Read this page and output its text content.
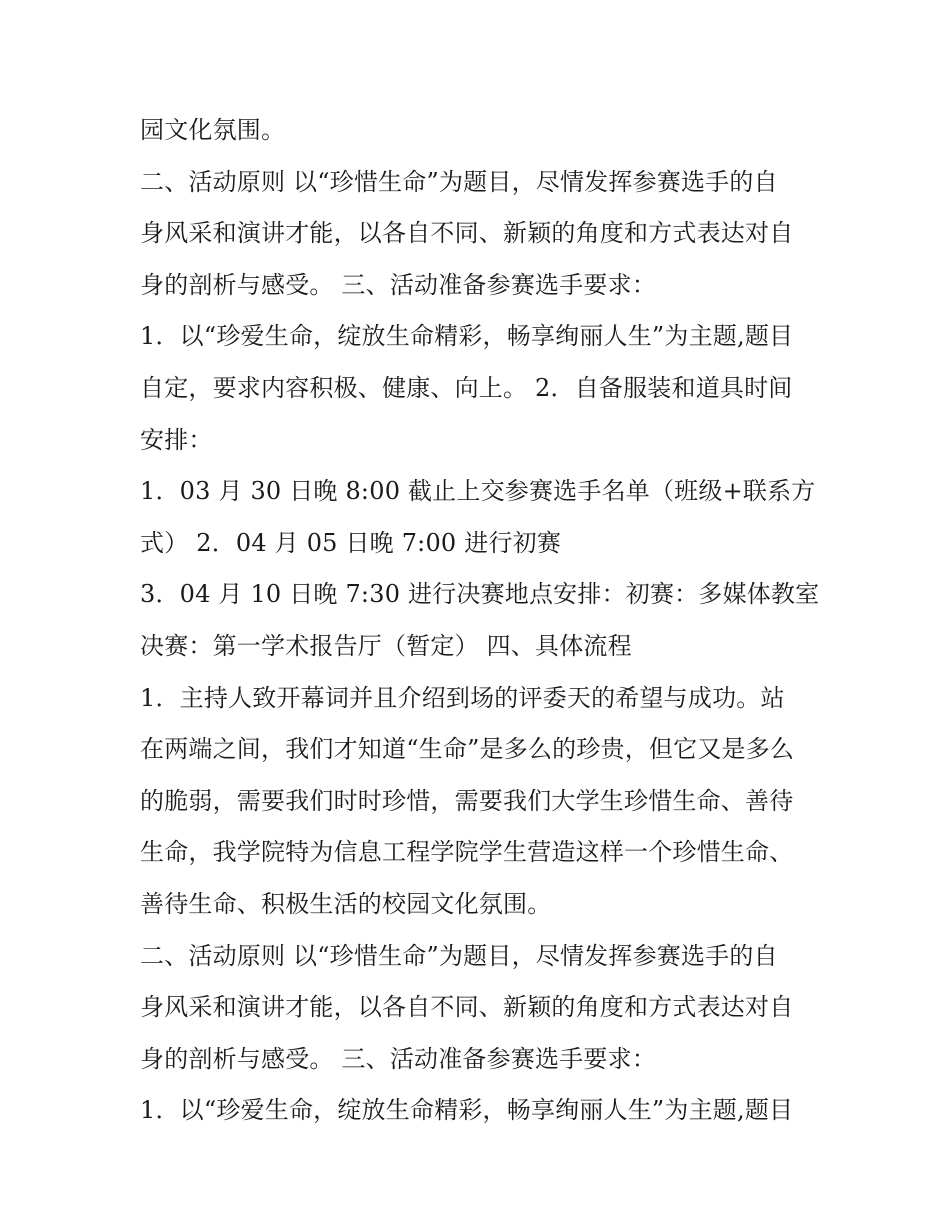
园文化氛围。
二、活动原则 以“珍惜生命”为题目，尽情发挥参赛选手的自
身风采和演讲才能，以各自不同、新颖的角度和方式表达对自
身的剖析与感受。 三、活动准备参赛选手要求：
1．以“珍爱生命，绽放生命精彩，畅享绚丽人生”为主题,题目
自定，要求内容积极、健康、向上。 2．自备服装和道具时间
安排：
1．03 月 30 日晚 8:00 截止上交参赛选手名单（班级+联系方
式） 2．04 月 05 日晚 7:00 进行初赛
3．04 月 10 日晚 7:30 进行决赛地点安排：初赛：多媒体教室
决赛：第一学术报告厅（暂定） 四、具体流程
1．主持人致开幕词并且介绍到场的评委天的希望与成功。站
在两端之间，我们才知道“生命”是多么的珍贵，但它又是多么
的脆弱，需要我们时时珍惜，需要我们大学生珍惜生命、善待
生命，我学院特为信息工程学院学生营造这样一个珍惜生命、
善待生命、积极生活的校园文化氛围。
二、活动原则 以“珍惜生命”为题目，尽情发挥参赛选手的自
身风采和演讲才能，以各自不同、新颖的角度和方式表达对自
身的剖析与感受。 三、活动准备参赛选手要求：
1．以“珍爱生命，绽放生命精彩，畅享绚丽人生”为主题,题目
